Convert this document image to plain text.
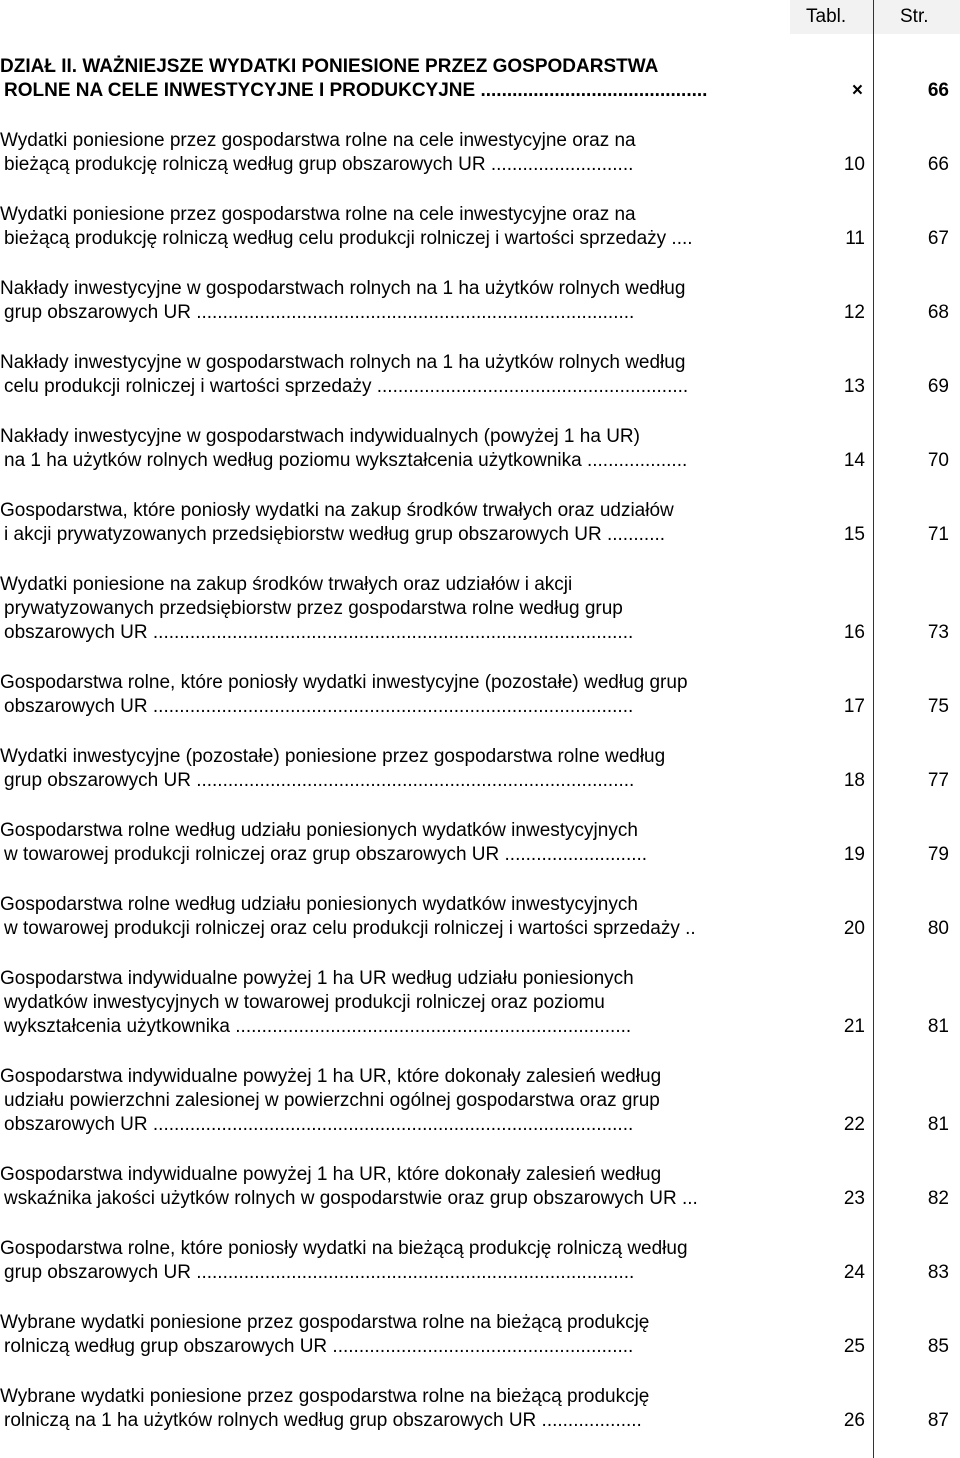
Tabl.	Str.
DZIAŁ II. WAŻNIEJSZE WYDATKI PONIESIONE PRZEZ GOSPODARSTWA
ROLNE NA CELE INWESTYCYJNE I PRODUKCYJNE ...........................................	×	66
Wydatki poniesione przez gospodarstwa rolne na cele inwestycyjne oraz na
bieżącą produkcję rolniczą według grup obszarowych UR ...........................	10	66
Wydatki poniesione przez gospodarstwa rolne na cele inwestycyjne oraz na
bieżącą produkcję rolniczą według celu produkcji rolniczej i wartości sprzedaży ....	11	67
Nakłady inwestycyjne w gospodarstwach rolnych na 1 ha użytków rolnych według
grup obszarowych UR ...................................................................................	12	68
Nakłady inwestycyjne w gospodarstwach rolnych na 1 ha użytków rolnych według
celu produkcji rolniczej i wartości sprzedaży ...........................................................	13	69
Nakłady inwestycyjne w gospodarstwach indywidualnych (powyżej 1 ha UR)
na 1 ha użytków rolnych według poziomu wykształcenia użytkownika ...................	14	70
Gospodarstwa, które poniosły wydatki na zakup środków trwałych oraz udziałów
i akcji prywatyzowanych przedsiębiorstw według grup obszarowych UR ...........	15	71
Wydatki poniesione na zakup środków trwałych oraz udziałów i akcji
prywatyzowanych przedsiębiorstw przez gospodarstwa rolne według grup
obszarowych UR ...........................................................................................	16	73
Gospodarstwa rolne, które poniosły wydatki inwestycyjne (pozostałe) według grup
obszarowych UR ...........................................................................................	17	75
Wydatki inwestycyjne (pozostałe) poniesione przez gospodarstwa rolne według
grup obszarowych UR ...................................................................................	18	77
Gospodarstwa rolne według udziału poniesionych wydatków inwestycyjnych
w towarowej produkcji rolniczej oraz grup obszarowych UR ...........................	19	79
Gospodarstwa rolne według udziału poniesionych wydatków inwestycyjnych
w towarowej produkcji rolniczej oraz celu produkcji rolniczej i wartości sprzedaży ..	20	80
Gospodarstwa indywidualne powyżej 1 ha UR według udziału poniesionych
wydatków inwestycyjnych w towarowej produkcji rolniczej oraz poziomu
wykształcenia użytkownika ...........................................................................	21	81
Gospodarstwa indywidualne powyżej 1 ha UR, które dokonały zalesień według
udziału powierzchni zalesionej w powierzchni ogólnej gospodarstwa oraz grup
obszarowych UR ...........................................................................................	22	81
Gospodarstwa indywidualne powyżej 1 ha UR, które dokonały zalesień według
wskaźnika jakości użytków rolnych w gospodarstwie oraz grup obszarowych UR ...	23	82
Gospodarstwa rolne, które poniosły wydatki na bieżącą produkcję rolniczą według
grup obszarowych UR ...................................................................................	24	83
Wybrane wydatki poniesione przez gospodarstwa rolne na bieżącą produkcję
rolniczą według grup obszarowych UR .........................................................	25	85
Wybrane wydatki poniesione przez gospodarstwa rolne na bieżącą produkcję
rolniczą na 1 ha użytków rolnych według grup obszarowych UR ...................	26	87
